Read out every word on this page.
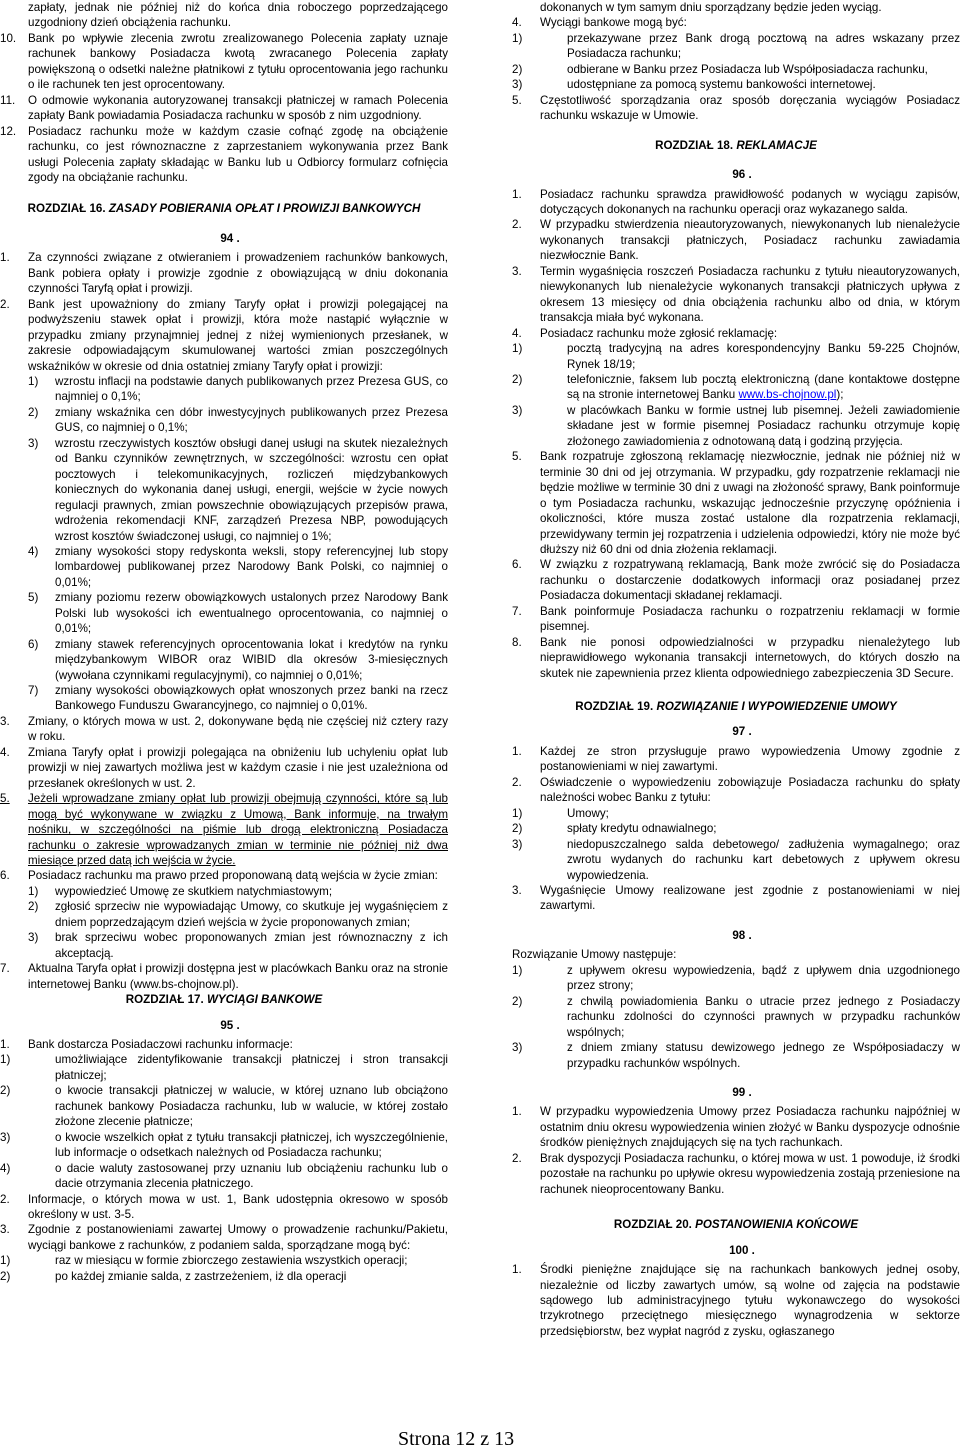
zapłaty, jednak nie później niż do końca dnia roboczego poprzedzającego uzgodniony dzień obciążenia rachunku.

10.	Bank po wpływie zlecenia zwrotu zrealizowanego Polecenia zapłaty uznaje rachunek bankowy Posiadacza kwotą zwracanego Polecenia zapłaty powiększoną o odsetki należne płatnikowi z tytułu oprocentowania jego rachunku o ile rachunek ten jest oprocentowany.
11.	O odmowie wykonania autoryzowanej transakcji płatniczej w ramach Polecenia zapłaty Bank powiadamia Posiadacza rachunku w sposób z nim uzgodniony.
12.	Posiadacz rachunku może w każdym czasie cofnąć zgodę na obciążenie rachunku, co jest równoznaczne z zaprzestaniem wykonywania przez Bank usługi Polecenia zapłaty składając w Banku lub u Odbiorcy formularz cofnięcia zgody na obciążanie rachunku.
ROZDZIAŁ 16. ZASADY POBIERANIA OPŁAT I PROWIZJI BANKOWYCH
94 .
1.	Za czynności związane z otwieraniem i prowadzeniem rachunków bankowych, Bank pobiera opłaty i prowizje zgodnie z obowiązującą w dniu dokonania czynności Taryfą opłat i prowizji.
2.	Bank jest upoważniony do zmiany Taryfy opłat i prowizji polegającej na podwyższeniu stawek opłat i prowizji, która może nastąpić wyłącznie w przypadku zmiany przynajmniej jednej z niżej wymienionych przesłanek, w zakresie odpowiadającym skumulowanej wartości zmian poszczególnych wskaźników w okresie od dnia ostatniej zmiany Taryfy opłat i prowizji:
1)	wzrostu inflacji na podstawie danych publikowanych przez Prezesa GUS, co najmniej o 0,1%;
2)	zmiany wskaźnika cen dóbr inwestycyjnych publikowanych przez Prezesa GUS, co najmniej o 0,1%;
3)	wzrostu rzeczywistych kosztów obsługi danej usługi na skutek niezależnych od Banku czynników zewnętrznych, w szczególności: wzrostu cen opłat pocztowych i telekomunikacyjnych, rozliczeń międzybankowych koniecznych do wykonania danej usługi, energii, wejście w życie nowych regulacji prawnych, zmian powszechnie obowiązujących przepisów prawa, wdrożenia rekomendacji KNF, zarządzeń Prezesa NBP, powodujących wzrost kosztów świadczonej usługi, co najmniej o 1%;
4)	zmiany wysokości stopy redyskonta weksli, stopy referencyjnej lub stopy lombardowej publikowanej przez Narodowy Bank Polski, co najmniej o 0,01%;
5)	zmiany poziomu rezerw obowiązkowych ustalonych przez Narodowy Bank Polski lub wysokości ich ewentualnego oprocentowania, co najmniej o 0,01%;
6)	zmiany stawek referencyjnych oprocentowania lokat i kredytów na rynku międzybankowym WIBOR oraz WIBID dla okresów 3-miesięcznych (wywołana czynnikami regulacyjnymi), co najmniej o 0,01%;
7)	zmiany wysokości obowiązkowych opłat wnoszonych przez banki na rzecz Bankowego Funduszu Gwarancyjnego, co najmniej o 0,01%.
3.	Zmiany, o których mowa w ust. 2, dokonywane będą nie częściej niż cztery razy w roku.
4.	Zmiana Taryfy opłat i prowizji polegająca na obniżeniu lub uchyleniu opłat lub prowizji w niej zawartych możliwa jest w każdym czasie i nie jest uzależniona od przesłanek określonych w ust. 2.
5.	Jeżeli wprowadzane zmiany opłat lub prowizji obejmują czynności, które są lub mogą być wykonywane w związku z Umową, Bank informuje, na trwałym nośniku, w szczególności na piśmie lub drogą elektroniczną Posiadacza rachunku o zakresie wprowadzanych zmian w terminie nie później niż dwa miesiące przed datą ich wejścia w życie.
6.	Posiadacz rachunku ma prawo przed proponowaną datą wejścia w życie zmian:
1)	wypowiedzieć Umowę ze skutkiem natychmiastowym;
2)	zgłosić sprzeciw nie wypowiadając Umowy, co skutkuje jej wygaśnięciem z dniem poprzedzającym dzień wejścia w życie proponowanych zmian;
3)	brak sprzeciwu wobec proponowanych zmian jest równoznaczny z ich akceptacją.
7.	Aktualna Taryfa opłat i prowizji dostępna jest w placówkach Banku oraz na stronie internetowej Banku (www.bs-chojnow.pl).
ROZDZIAŁ 17. WYCIĄGI BANKOWE
95 .
1.	Bank dostarcza Posiadaczowi rachunku informacje:
1)	umożliwiające zidentyfikowanie transakcji płatniczej i stron transakcji płatniczej;
2)	o kwocie transakcji płatniczej w walucie, w której uznano lub obciążono rachunek bankowy Posiadacza rachunku, lub w walucie, w której zostało złożone zlecenie płatnicze;
3)	o kwocie wszelkich opłat z tytułu transakcji płatniczej, ich wyszczególnienie, lub informacje o odsetkach należnych od Posiadacza rachunku;
4)	o dacie waluty zastosowanej przy uznaniu lub obciążeniu rachunku lub o dacie otrzymania zlecenia płatniczego.
2.	Informacje, o których mowa w ust. 1, Bank udostępnia okresowo w sposób określony w ust. 3-5.
3.	Zgodnie z postanowieniami zawartej Umowy o prowadzenie rachunku/Pakietu, wyciągi bankowe z rachunków, z podaniem salda, sporządzane mogą być:
1)	raz w miesiącu w formie zbiorczego zestawienia wszystkich operacji;
2)	po każdej zmianie salda, z zastrzeżeniem, iż dla operacji

dokonanych w tym samym dniu sporządzany będzie jeden wyciąg.

4.	Wyciągi bankowe mogą być:
1)	przekazywane przez Bank drogą pocztową na adres wskazany przez Posiadacza rachunku;
2)	odbierane w Banku przez Posiadacza lub Współposiadacza rachunku,
3)	udostępniane za pomocą systemu bankowości internetowej.
5.	Częstotliwość sporządzania oraz sposób doręczania wyciągów Posiadacz rachunku wskazuje w Umowie.
ROZDZIAŁ 18. REKLAMACJE
96 .
1.	Posiadacz rachunku sprawdza prawidłowość podanych w wyciągu zapisów, dotyczących dokonanych na rachunku operacji oraz wykazanego salda.
2.	W przypadku stwierdzenia nieautoryzowanych, niewykonanych lub nienależycie wykonanych transakcji płatniczych, Posiadacz rachunku zawiadamia niezwłocznie Bank.
3.	Termin wygaśnięcia roszczeń Posiadacza rachunku z tytułu nieautoryzowanych, niewykonanych lub nienależycie wykonanych transakcji płatniczych upływa z okresem 13 miesięcy od dnia obciążenia rachunku albo od dnia, w którym transakcja miała być wykonana.
4.	Posiadacz rachunku może zgłosić reklamację:
1)	pocztą tradycyjną na adres korespondencyjny Banku 59-225 Chojnów, Rynek 18/19;
2)	telefonicznie, faksem lub pocztą elektroniczną (dane kontaktowe dostępne są na stronie internetowej Banku www.bs-chojnow.pl);
3)	w placówkach Banku w formie ustnej lub pisemnej. Jeżeli zawiadomienie składane jest w formie pisemnej Posiadacz rachunku otrzymuje kopię złożonego zawiadomienia z odnotowaną datą i godziną przyjęcia.
5.	Bank rozpatruje zgłoszoną reklamację niezwłocznie, jednak nie później niż w terminie 30 dni od jej otrzymania. W przypadku, gdy rozpatrzenie reklamacji nie będzie możliwe w terminie 30 dni z uwagi na złożoność sprawy, Bank poinformuje o tym Posiadacza rachunku, wskazując jednocześnie przyczynę opóźnienia i okoliczności, które musza zostać ustalone dla rozpatrzenia reklamacji, przewidywany termin jej rozpatrzenia i udzielenia odpowiedzi, który nie może być dłuższy niż 60 dni od dnia złożenia reklamacji.
6.	W związku z rozpatrywaną reklamacją, Bank może zwrócić się do Posiadacza rachunku o dostarczenie dodatkowych informacji oraz posiadanej przez Posiadacza dokumentacji składanej reklamacji.
7.	Bank poinformuje Posiadacza rachunku o rozpatrzeniu reklamacji w formie pisemnej.
8.	Bank nie ponosi odpowiedzialności w przypadku nienależytego lub nieprawidłowego wykonania transakcji internetowych, do których doszło na skutek nie zapewnienia przez klienta odpowiedniego zabezpieczenia 3D Secure.
ROZDZIAŁ 19. ROZWIĄZANIE I WYPOWIEDZENIE UMOWY
97 .
1.	Każdej ze stron przysługuje prawo wypowiedzenia Umowy zgodnie z postanowieniami w niej zawartymi.
2.	Oświadczenie o wypowiedzeniu zobowiązuje Posiadacza rachunku do spłaty należności wobec Banku z tytułu:
1)	Umowy;
2)	spłaty kredytu odnawialnego;
3)	niedopuszczalnego salda debetowego/ zadłużenia wymagalnego; oraz zwrotu wydanych do rachunku kart debetowych z upływem okresu wypowiedzenia.
3.	Wygaśnięcie Umowy realizowane jest zgodnie z postanowieniami w niej zawartymi.
98 .

Rozwiązanie Umowy następuje:

1)	z upływem okresu wypowiedzenia, bądź z upływem dnia uzgodnionego przez strony;
2)	z chwilą powiadomienia Banku o utracie przez jednego z Posiadaczy rachunku zdolności do czynności prawnych w przypadku rachunków wspólnych;
3)	z dniem zmiany statusu dewizowego jednego ze Współposiadaczy w przypadku rachunków wspólnych.
99 .
1.	W przypadku wypowiedzenia Umowy przez Posiadacza rachunku najpóźniej w ostatnim dniu okresu wypowiedzenia winien złożyć w Banku dyspozycje odnośnie środków pieniężnych znajdujących się na tych rachunkach.
2.	Brak dyspozycji Posiadacza rachunku, o której mowa w ust. 1 powoduje, iż środki pozostałe na rachunku po upływie okresu wypowiedzenia zostają przeniesione na rachunek nieoprocentowany Banku.
ROZDZIAŁ 20. POSTANOWIENIA KOŃCOWE
100 .
1.	Środki pieniężne znajdujące się na rachunkach bankowych jednej osoby, niezależnie od liczby zawartych umów, są wolne od zajęcia na podstawie sądowego lub administracyjnego tytułu wykonawczego do wysokości trzykrotnego przeciętnego miesięcznego wynagrodzenia w sektorze przedsiębiorstw, bez wypłat nagród z zysku, ogłaszanego
Strona 12 z 13
